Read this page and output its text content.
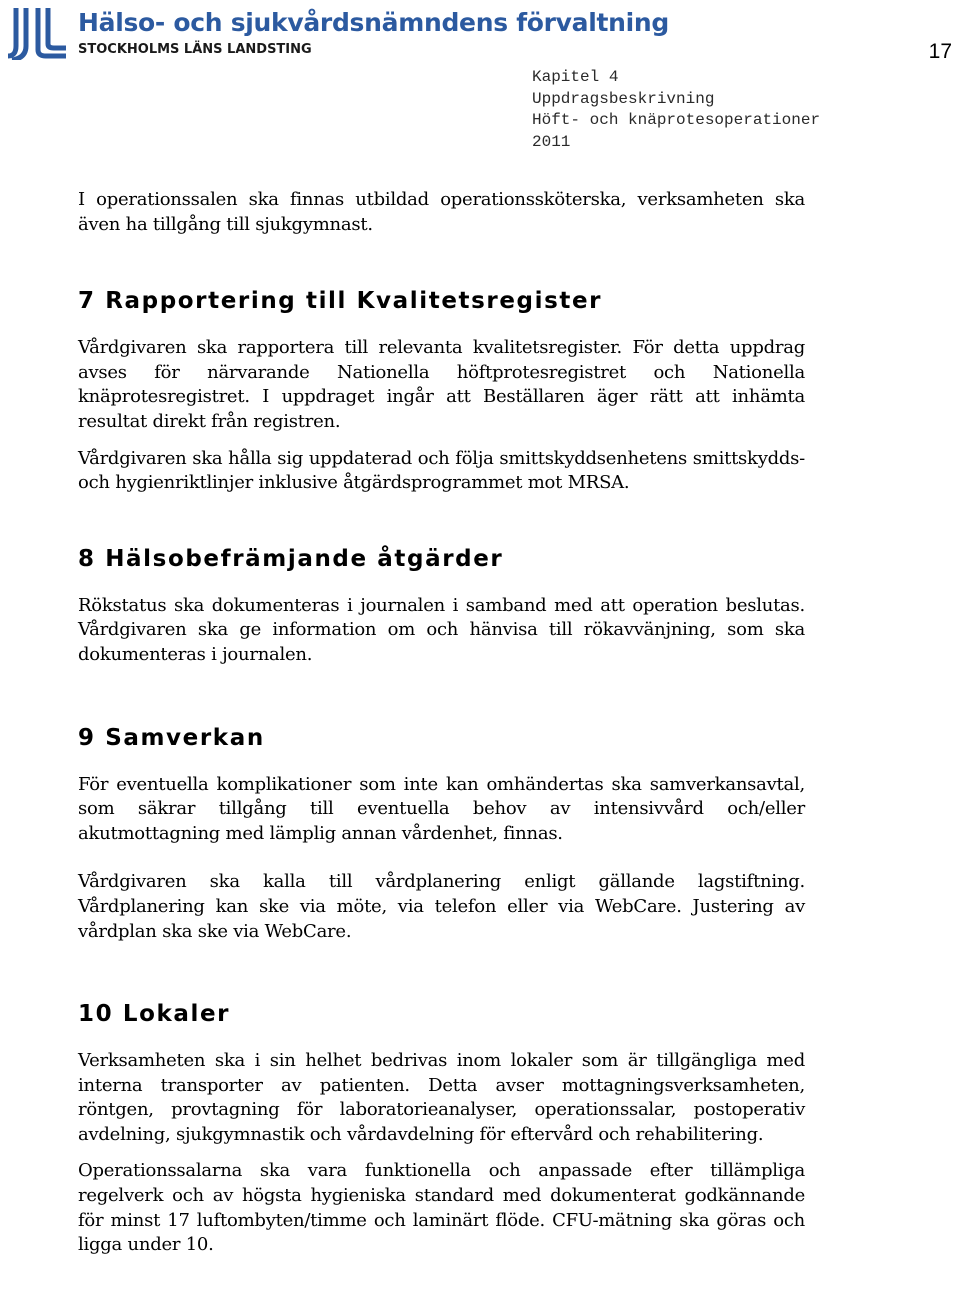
Hälso- och sjukvårdsnämndens förvaltning
STOCKHOLMS LÄNS LANDSTING	17
Kapitel 4
Uppdragsbeskrivning
Höft- och knäprotesoperationer
2011

I operationssalen ska finnas utbildad operationssköterska, verksamheten ska även ha tillgång till sjukgymnast.

7 Rapportering till Kvalitetsregister

Vårdgivaren ska rapportera till relevanta kvalitetsregister. För detta uppdrag avses för närvarande Nationella höftprotesregistret och Nationella knäprotesregistret. I uppdraget ingår att Beställaren äger rätt att inhämta resultat direkt från registren.

Vårdgivaren ska hålla sig uppdaterad och följa smittskyddsenhetens smittskydds- och hygienriktlinjer inklusive åtgärdsprogrammet mot MRSA.

8 Hälsobefrämjande åtgärder

Rökstatus ska dokumenteras i journalen i samband med att operation beslutas. Vårdgivaren ska ge information om och hänvisa till rökavvänjning, som ska dokumenteras i journalen.

9 Samverkan

För eventuella komplikationer som inte kan omhändertas ska samverkansavtal, som säkrar tillgång till eventuella behov av intensivvård och/eller akutmottagning med lämplig annan vårdenhet, finnas.

Vårdgivaren ska kalla till vårdplanering enligt gällande lagstiftning. Vårdplanering kan ske via möte, via telefon eller via WebCare. Justering av vårdplan ska ske via WebCare.

10 Lokaler

Verksamheten ska i sin helhet bedrivas inom lokaler som är tillgängliga med interna transporter av patienten. Detta avser mottagningsverksamheten, röntgen, provtagning för laboratorieanalyser, operationssalar, postoperativ avdelning, sjukgymnastik och vårdavdelning för eftervård och rehabilitering.

Operationssalarna ska vara funktionella och anpassade efter tillämpliga regelverk och av högsta hygieniska standard med dokumenterat godkännande för minst 17 luftombyten/timme och laminärt flöde. CFU-mätning ska göras och ligga under 10.
